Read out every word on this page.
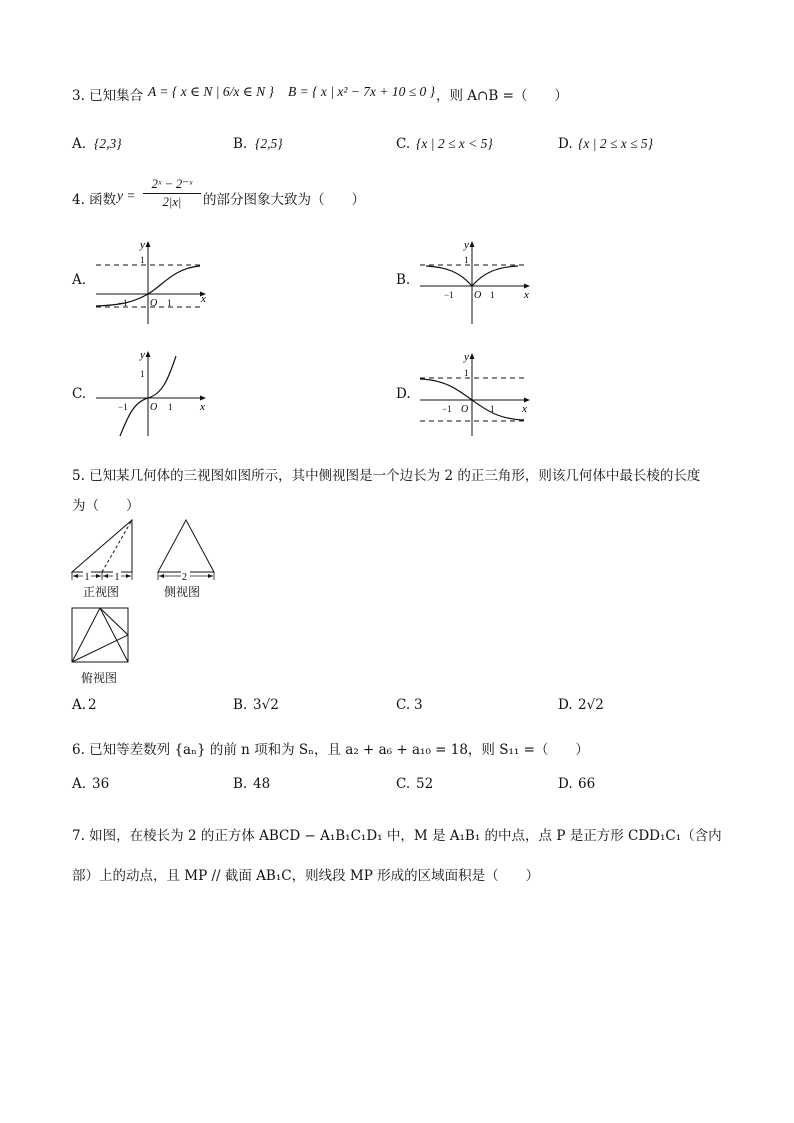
3. 已知集合 A = { x ∈ N | 6/x ∈ N } B = { x | x² − 7x + 10 ≤ 0 } ，则 A∩B =（　　）
A. {2,3}	B. {2,5}	C. {x | 2 ≤ x < 5}	D. {x | 2 ≤ x ≤ 5}
4. 函数 y =
2ˣ − 2⁻ˣ
2|x|	的部分图象大致为（　　）
A.
y
x
O
1
1
−1
B.
y
x
O
1
1
−1
C.
y
x
O
1
1
−1
D.
y
x
O
1
1
−1
5. 已知某几何体的三视图如图所示，其中侧视图是一个边长为 2 的正三角形，则该几何体中最长棱的长度
为（　　）
1	1
正视图
2
侧视图
俯视图
A. 2	B. 3√2	C. 3	D. 2√2
6. 已知等差数列 {aₙ} 的前 n 项和为 Sₙ，且 a₂ + a₆ + a₁₀ = 18，则 S₁₁ =（　　）
A. 36	B. 48	C. 52	D. 66
7. 如图，在棱长为 2 的正方体 ABCD − A₁B₁C₁D₁ 中，M 是 A₁B₁ 的中点，点 P 是正方形 CDD₁C₁（含内
部）上的动点，且 MP // 截面 AB₁C，则线段 MP 形成的区域面积是（　　）
